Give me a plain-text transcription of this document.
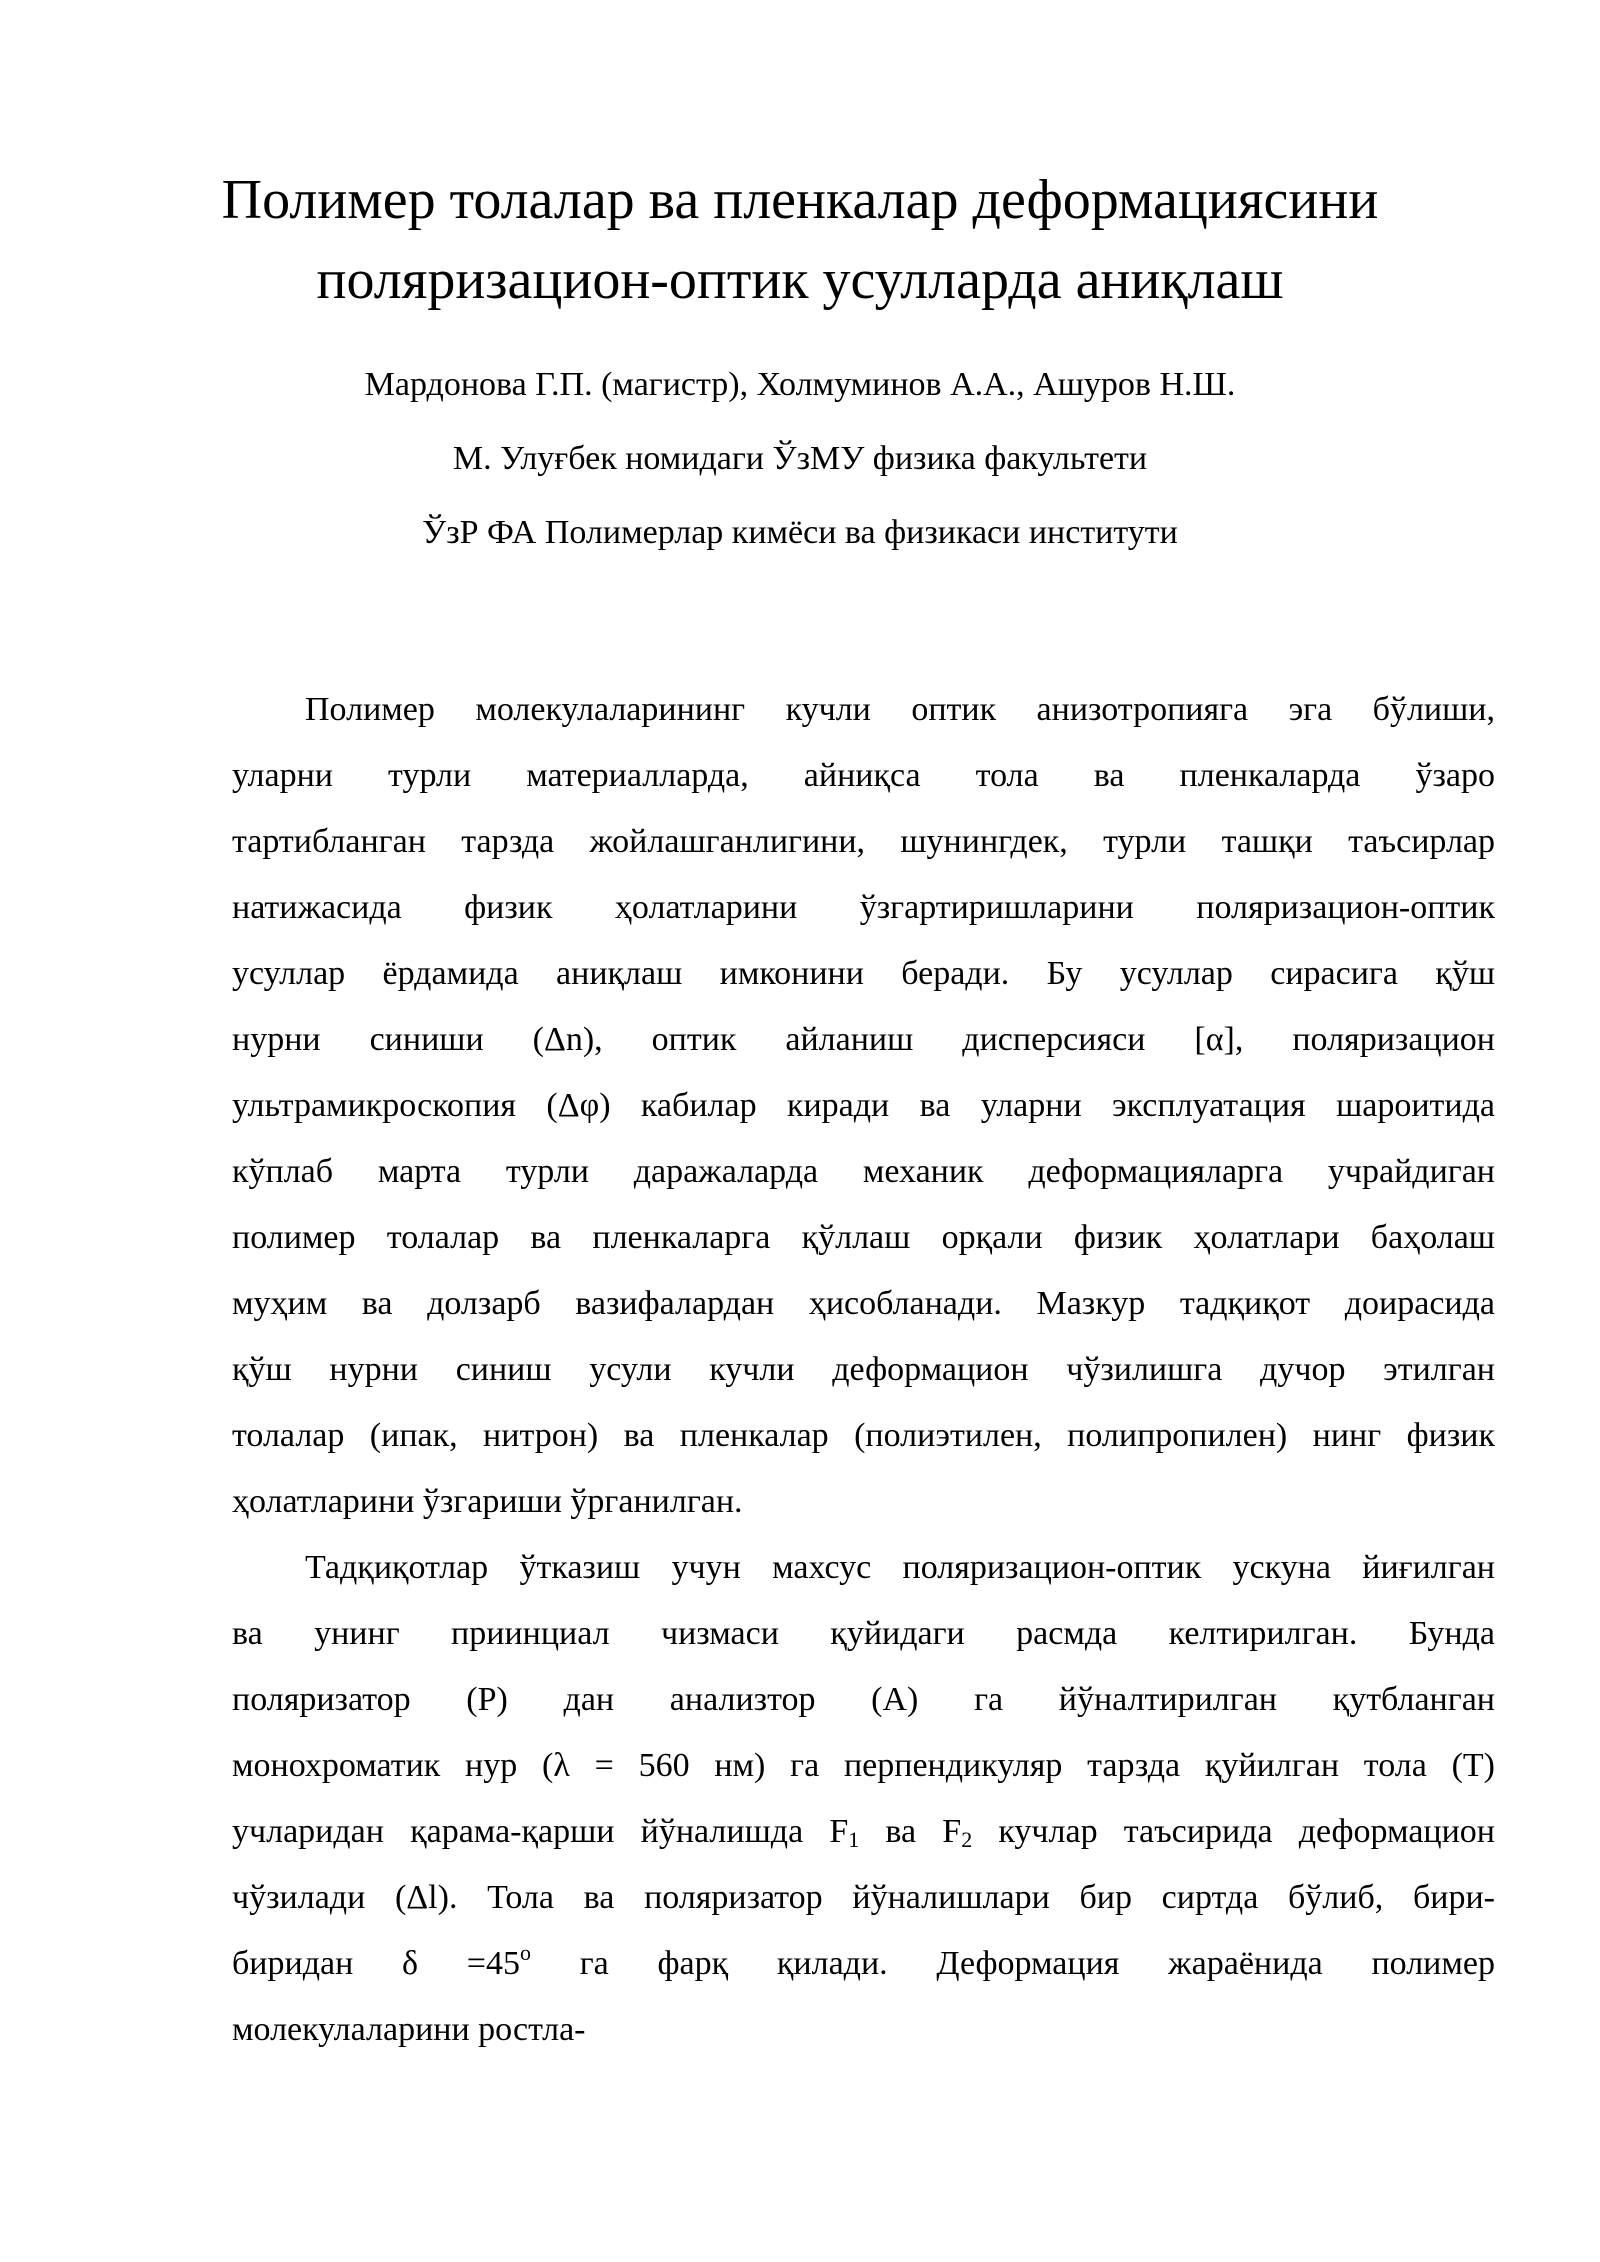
Полимер толалар ва пленкалар деформациясини
поляризацион-оптик усулларда аниқлаш
Мардонова Г.П. (магистр), Холмуминов А.А., Ашуров Н.Ш.
М. Улуғбек номидаги ЎзМУ физика факультети
ЎзР ФА Полимерлар кимёси ва физикаси институти

Полимер молекулаларининг кучли оптик анизотропияга эга бўлиши,
уларни турли материалларда, айниқса тола ва пленкаларда ўзаро
тартибланган тарзда жойлашганлигини, шунингдек, турли ташқи таъсирлар
натижасида физик ҳолатларини ўзгартиришларини поляризацион-оптик
усуллар ёрдамида аниқлаш имконини беради. Бу усуллар сирасига қўш
нурни синиши (Δn), оптик айланиш дисперсияси [α], поляризацион
ультрамикроскопия (Δφ) кабилар киради ва уларни эксплуатация шароитида
кўплаб марта турли даражаларда механик деформацияларга учрайдиган
полимер толалар ва пленкаларга қўллаш орқали физик ҳолатлари баҳолаш
муҳим ва долзарб вазифалардан ҳисобланади. Мазкур тадқиқот доирасида
қўш нурни синиш усули кучли деформацион чўзилишга дучор этилган
толалар (ипак, нитрон) ва пленкалар (полиэтилен, полипропилен) нинг физик
ҳолатларини ўзгариши ўрганилган.

Тадқиқотлар ўтказиш учун махсус поляризацион-оптик ускуна йиғилган
ва унинг приинциал чизмаси қуйидаги расмда келтирилган. Бунда
поляризатор (P) дан анализтор (A) га йўналтирилган қутбланган
монохроматик нур (λ = 560 нм) га перпендикуляр тарзда қуйилган тола (Т)
учларидан қарама-қарши йўналишда $F_1$ ва $F_2$ кучлар таъсирида деформацион
чўзилади (Δl). Тола ва поляризатор йўналишлари бир сиртда бўлиб, бири-
биридан $\delta =45^o$ га фарқ қилади. Деформация жараёнида полимер
молекулаларини ростла-
